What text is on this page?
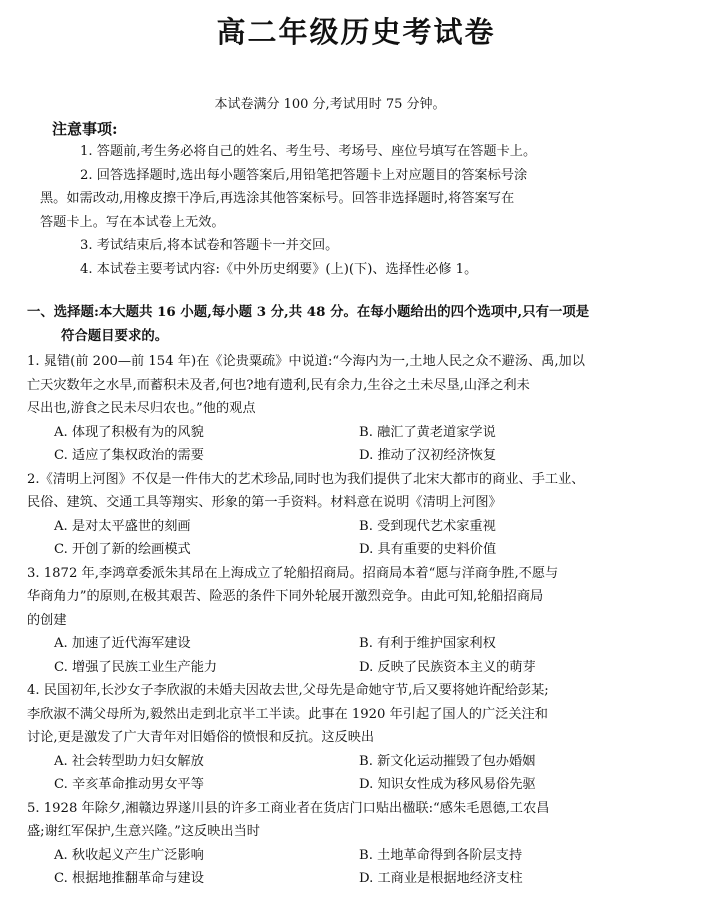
高二年级历史考试卷
本试卷满分 100 分,考试用时 75 分钟。
注意事项:

1. 答题前,考生务必将自己的姓名、考生号、考场号、座位号填写在答题卡上。

2. 回答选择题时,选出每小题答案后,用铅笔把答题卡上对应题目的答案标号涂

黑。如需改动,用橡皮擦干净后,再选涂其他答案标号。回答非选择题时,将答案写在

答题卡上。写在本试卷上无效。

3. 考试结束后,将本试卷和答题卡一并交回。

4. 本试卷主要考试内容:《中外历史纲要》(上)(下)、选择性必修 1。

一、选择题:本大题共 16 小题,每小题 3 分,共 48 分。在每小题给出的四个选项中,只有一项是
符合题目要求的。
1. 晁错(前 200—前 154 年)在《论贵粟疏》中说道:“今海内为一,土地人民之众不避汤、禹,加以
亡天灾数年之水旱,而蓄积未及者,何也?地有遗利,民有余力,生谷之土未尽垦,山泽之利未
尽出也,游食之民未尽归农也。”他的观点
A. 体现了积极有为的风貌	B. 融汇了黄老道家学说
C. 适应了集权政治的需要	D. 推动了汉初经济恢复
2.《清明上河图》不仅是一件伟大的艺术珍品,同时也为我们提供了北宋大都市的商业、手工业、
民俗、建筑、交通工具等翔实、形象的第一手资料。材料意在说明《清明上河图》
A. 是对太平盛世的刻画	B. 受到现代艺术家重视
C. 开创了新的绘画模式	D. 具有重要的史料价值
3. 1872 年,李鸿章委派朱其昂在上海成立了轮船招商局。招商局本着“愿与洋商争胜,不愿与
华商角力”的原则,在极其艰苦、险恶的条件下同外轮展开激烈竞争。由此可知,轮船招商局
的创建
A. 加速了近代海军建设	B. 有利于维护国家利权
C. 增强了民族工业生产能力	D. 反映了民族资本主义的萌芽
4. 民国初年,长沙女子李欣淑的未婚夫因故去世,父母先是命她守节,后又要将她许配给彭某;
李欣淑不满父母所为,毅然出走到北京半工半读。此事在 1920 年引起了国人的广泛关注和
讨论,更是激发了广大青年对旧婚俗的愤恨和反抗。这反映出
A. 社会转型助力妇女解放	B. 新文化运动摧毁了包办婚姻
C. 辛亥革命推动男女平等	D. 知识女性成为移风易俗先驱
5. 1928 年除夕,湘赣边界遂川县的许多工商业者在货店门口贴出楹联:“感朱毛恩德,工农昌
盛;谢红军保护,生意兴隆。”这反映出当时
A. 秋收起义产生广泛影响	B. 土地革命得到各阶层支持
C. 根据地推翻革命与建设	D. 工商业是根据地经济支柱
